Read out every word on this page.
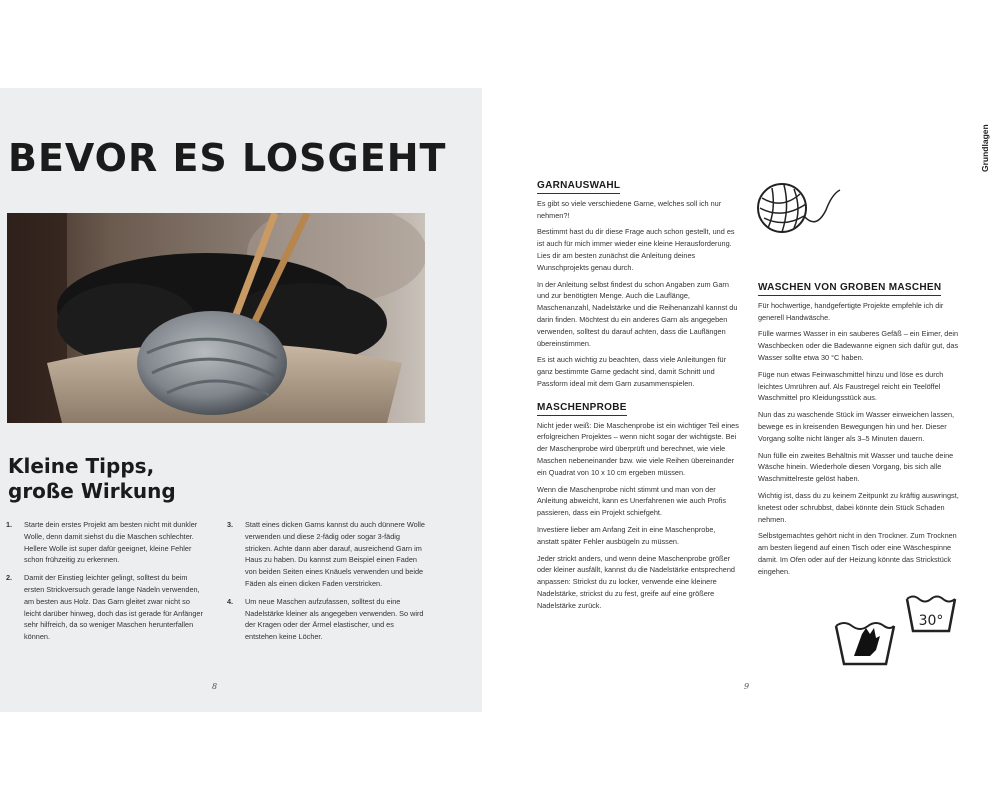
BEVOR ES LOSGEHT
Kleine Tipps,
große Wirkung
1. Starte dein erstes Projekt am besten nicht mit dunkler Wolle, denn damit siehst du die Maschen schlechter. Hellere Wolle ist super dafür geeignet, kleine Fehler schon frühzeitig zu erkennen.
2. Damit der Einstieg leichter gelingt, solltest du beim ersten Strickversuch gerade lange Nadeln verwenden, am besten aus Holz. Das Garn gleitet zwar nicht so leicht darüber hinweg, doch das ist gerade für Anfänger sehr hilfreich, da so weniger Maschen herunterfallen können.
3. Statt eines dicken Garns kannst du auch dünnere Wolle verwenden und diese 2-fädig oder sogar 3-fädig stricken. Achte dann aber darauf, ausreichend Garn im Haus zu haben. Du kannst zum Beispiel einen Faden von beiden Seiten eines Knäuels verwenden und beide Fäden als einen dicken Faden verstricken.
4. Um neue Maschen aufzufassen, solltest du eine Nadelstärke kleiner als angegeben verwenden. So wird der Kragen oder der Ärmel elastischer, und es entstehen keine Löcher.
8
Grundlagen
GARNAUSWAHL

Es gibt so viele verschiedene Garne, welches soll ich nur nehmen?!

Bestimmt hast du dir diese Frage auch schon gestellt, und es ist auch für mich immer wieder eine kleine Herausforderung. Lies dir am besten zunächst die Anleitung deines Wunschprojekts genau durch.

In der Anleitung selbst findest du schon Angaben zum Garn und zur benötigten Menge. Auch die Lauflänge, Maschenanzahl, Nadelstärke und die Reihenanzahl kannst du darin finden. Möchtest du ein anderes Garn als angegeben verwenden, solltest du darauf achten, dass die Lauflängen übereinstimmen.

Es ist auch wichtig zu beachten, dass viele Anleitungen für ganz bestimmte Garne gedacht sind, damit Schnitt und Passform ideal mit dem Garn zusammenspielen.

MASCHENPROBE

Nicht jeder weiß: Die Maschenprobe ist ein wichtiger Teil eines erfolgreichen Projektes – wenn nicht sogar der wichtigste. Bei der Maschenprobe wird überprüft und berechnet, wie viele Maschen nebeneinander bzw. wie viele Reihen übereinander ein Quadrat von 10 x 10 cm ergeben müssen.

Wenn die Maschenprobe nicht stimmt und man von der Anleitung abweicht, kann es Unerfahrenen wie auch Profis passieren, dass ein Projekt schiefgeht.

Investiere lieber am Anfang Zeit in eine Maschenprobe, anstatt später Fehler ausbügeln zu müssen.

Jeder strickt anders, und wenn deine Maschenprobe größer oder kleiner ausfällt, kannst du die Nadelstärke entsprechend anpassen: Strickst du zu locker, verwende eine kleinere Nadelstärke, strickst du zu fest, greife auf eine größere Nadelstärke zurück.

WASCHEN VON GROBEN MASCHEN

Für hochwertige, handgefertigte Projekte empfehle ich dir generell Handwäsche.

Fülle warmes Wasser in ein sauberes Gefäß – ein Eimer, dein Waschbecken oder die Badewanne eignen sich dafür gut, das Wasser sollte etwa 30 °C haben.

Füge nun etwas Feinwaschmittel hinzu und löse es durch leichtes Umrühren auf. Als Faustregel reicht ein Teelöffel Waschmittel pro Kleidungsstück aus.

Nun das zu waschende Stück im Wasser einweichen lassen, bewege es in kreisenden Bewegungen hin und her. Dieser Vorgang sollte nicht länger als 3–5 Minuten dauern.

Nun fülle ein zweites Behältnis mit Wasser und tauche deine Wäsche hinein. Wiederhole diesen Vorgang, bis sich alle Waschmittelreste gelöst haben.

Wichtig ist, dass du zu keinem Zeitpunkt zu kräftig auswringst, knetest oder schrubbst, dabei könnte dein Stück Schaden nehmen.

Selbstgemachtes gehört nicht in den Trockner. Zum Trocknen am besten liegend auf einen Tisch oder eine Wäschespinne damit. Im Ofen oder auf der Heizung könnte das Strickstück eingehen.

30°
9
